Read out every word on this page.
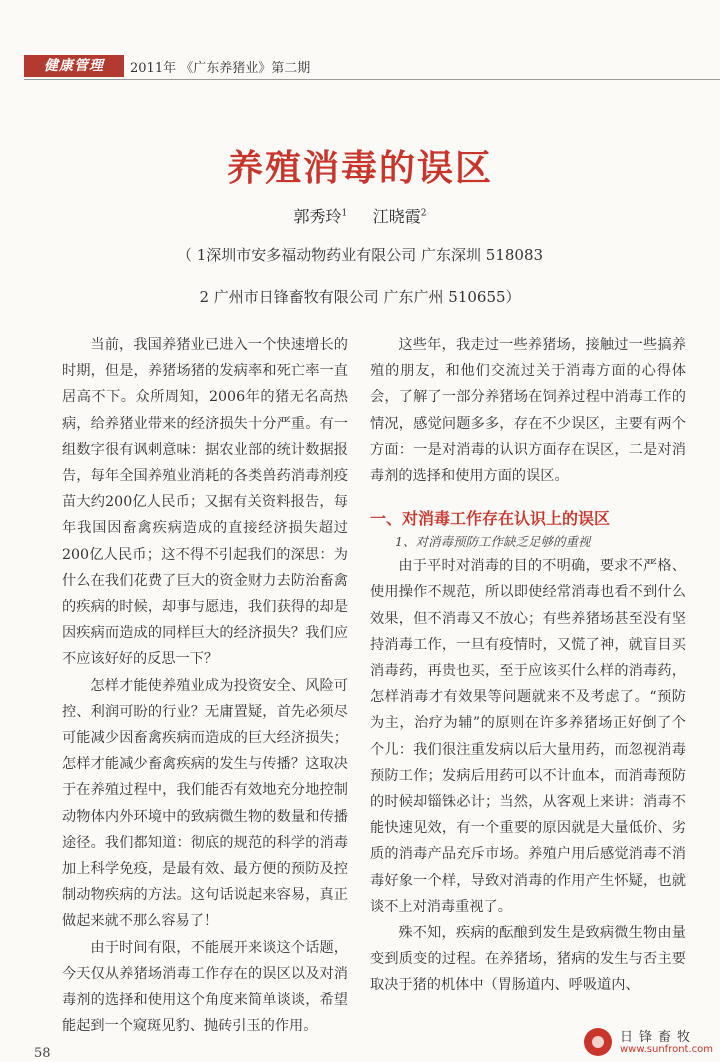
健康管理	2011年 《广东养猪业》第二期
养殖消毒的误区
郭秀玲$^1$ 江晓霞$^2$
（ 1深圳市安多福动物药业有限公司 广东深圳 518083
2 广州市日锋畜牧有限公司 广东广州 510655）

当前，我国养猪业已进入一个快速增长的时期，但是，养猪场猪的发病率和死亡率一直居高不下。众所周知，2006年的猪无名高热病，给养猪业带来的经济损失十分严重。有一组数字很有讽刺意味：据农业部的统计数据报告，每年全国养殖业消耗的各类兽药消毒剂疫苗大约200亿人民币；又据有关资料报告，每年我国因畜禽疾病造成的直接经济损失超过200亿人民币；这不得不引起我们的深思：为什么在我们花费了巨大的资金财力去防治畜禽的疾病的时候，却事与愿违，我们获得的却是因疾病而造成的同样巨大的经济损失？我们应不应该好好的反思一下？

怎样才能使养殖业成为投资安全、风险可控、利润可盼的行业？无庸置疑，首先必须尽可能减少因畜禽疾病而造成的巨大经济损失；怎样才能减少畜禽疾病的发生与传播？这取决于在养殖过程中，我们能否有效地充分地控制动物体内外环境中的致病微生物的数量和传播途径。我们都知道：彻底的规范的科学的消毒加上科学免疫，是最有效、最方便的预防及控制动物疾病的方法。这句话说起来容易，真正做起来就不那么容易了！

由于时间有限，不能展开来谈这个话题，今天仅从养猪场消毒工作存在的误区以及对消毒剂的选择和使用这个角度来简单谈谈，希望能起到一个窥斑见豹、抛砖引玉的作用。

这些年，我走过一些养猪场，接触过一些搞养殖的朋友，和他们交流过关于消毒方面的心得体会，了解了一部分养猪场在饲养过程中消毒工作的情况，感觉问题多多，存在不少误区，主要有两个方面：一是对消毒的认识方面存在误区，二是对消毒剂的选择和使用方面的误区。

一、对消毒工作存在认识上的误区

1、对消毒预防工作缺乏足够的重视

由于平时对消毒的目的不明确，要求不严格、使用操作不规范，所以即使经常消毒也看不到什么效果，但不消毒又不放心；有些养猪场甚至没有坚持消毒工作，一旦有疫情时，又慌了神，就盲目买消毒药，再贵也买，至于应该买什么样的消毒药，怎样消毒才有效果等问题就来不及考虑了。“预防为主，治疗为辅”的原则在许多养猪场正好倒了个个儿：我们很注重发病以后大量用药，而忽视消毒预防工作；发病后用药可以不计血本，而消毒预防的时候却锱铢必计；当然，从客观上来讲：消毒不能快速见效，有一个重要的原因就是大量低价、劣质的消毒产品充斥市场。养殖户用后感觉消毒不消毒好象一个样，导致对消毒的作用产生怀疑，也就谈不上对消毒重视了。

殊不知，疾病的酝酿到发生是致病微生物由量变到质变的过程。在养猪场，猪病的发生与否主要取决于猪的机体中（胃肠道内、呼吸道内、

58
日锋畜牧
www.sunfront.com
